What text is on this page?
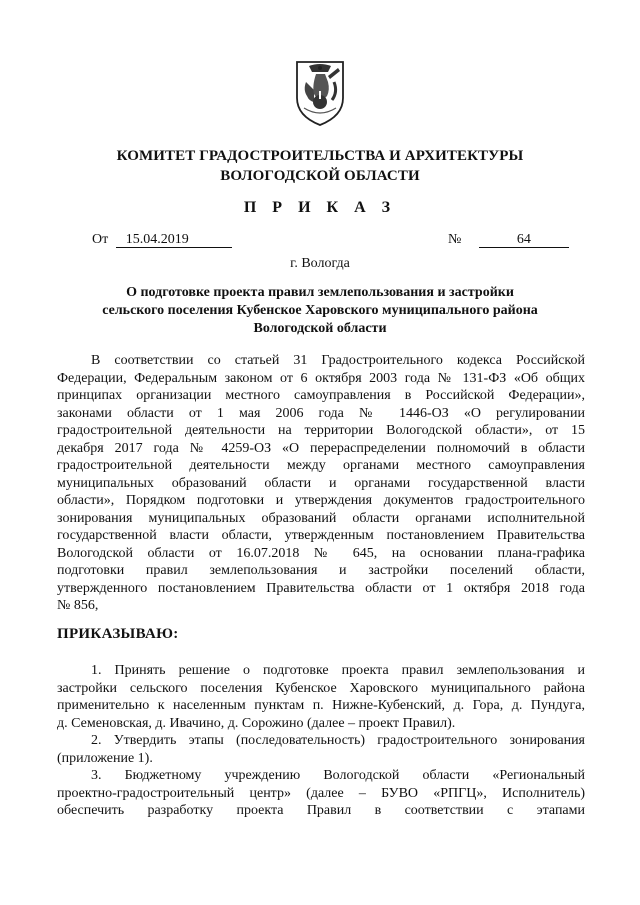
КОМИТЕТ ГРАДОСТРОИТЕЛЬСТВА И АРХИТЕКТУРЫ
ВОЛОГОДСКОЙ ОБЛАСТИ
П Р И К А З
От 15.04.2019	№	64
г. Вологда
О подготовке проекта правил землепользования и застройки
сельского поселения Кубенское Харовского муниципального района
Вологодской области
В соответствии со статьей 31 Градостроительного кодекса Российской
Федерации, Федеральным законом от 6 октября 2003 года № 131-ФЗ «Об общих
принципах организации местного самоуправления в Российской Федерации»,
законами области от 1 мая 2006 года № 1446-ОЗ «О регулировании
градостроительной деятельности на территории Вологодской области», от 15
декабря 2017 года № 4259-ОЗ «О перераспределении полномочий в области
градостроительной деятельности между органами местного самоуправления
муниципальных образований области и органами государственной власти
области», Порядком подготовки и утверждения документов градостроительного
зонирования муниципальных образований области органами исполнительной
государственной власти области, утвержденным постановлением Правительства
Вологодской области от 16.07.2018 № 645, на основании плана-графика
подготовки правил землепользования и застройки поселений области,
утвержденного постановлением Правительства области от 1 октября 2018 года
№ 856,
ПРИКАЗЫВАЮ:
1. Принять решение о подготовке проекта правил землепользования и
застройки сельского поселения Кубенское Харовского муниципального района
применительно к населенным пунктам п. Нижне-Кубенский, д. Гора, д. Пундуга,
д. Семеновская, д. Ивачино, д. Сорожино (далее – проект Правил).
2. Утвердить этапы (последовательность) градостроительного зонирования
(приложение 1).
3. Бюджетному учреждению Вологодской области «Региональный
проектно-градостроительный центр» (далее – БУВО «РПГЦ», Исполнитель)
обеспечить разработку проекта Правил в соответствии с этапами
